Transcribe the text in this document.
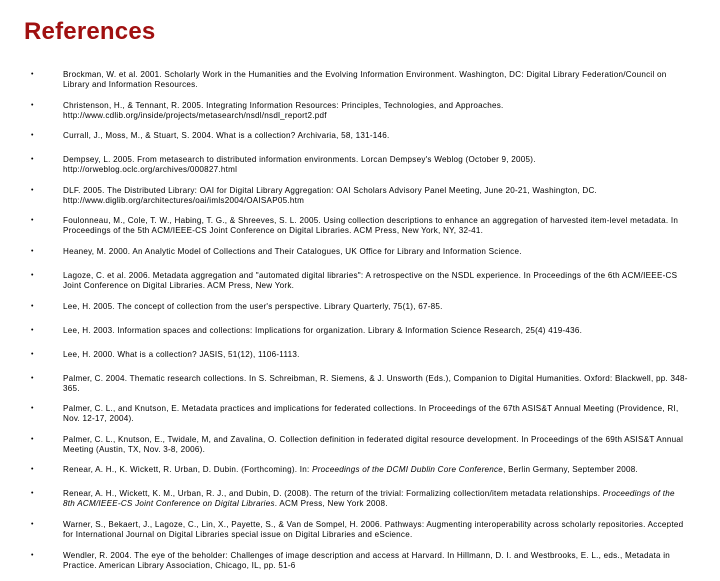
References
•	Brockman, W. et al. 2001. Scholarly Work in the Humanities and the Evolving Information Environment. Washington, DC: Digital Library Federation/Council on Library and Information Resources.
•	Christenson, H., & Tennant, R. 2005. Integrating Information Resources: Principles, Technologies, and Approaches. http://www.cdlib.org/inside/projects/metasearch/nsdl/nsdl_report2.pdf
•	Currall, J., Moss, M., & Stuart, S. 2004. What is a collection? Archivaria, 58, 131-146.
•	Dempsey, L. 2005. From metasearch to distributed information environments. Lorcan Dempsey's Weblog (October 9, 2005). http://orweblog.oclc.org/archives/000827.html
•	DLF. 2005. The Distributed Library: OAI for Digital Library Aggregation: OAI Scholars Advisory Panel Meeting, June 20-21, Washington, DC. http://www.diglib.org/architectures/oai/imls2004/OAISAP05.htm
•	Foulonneau, M., Cole, T. W., Habing, T. G., & Shreeves, S. L. 2005. Using collection descriptions to enhance an aggregation of harvested item-level metadata. In Proceedings of the 5th ACM/IEEE-CS Joint Conference on Digital Libraries. ACM Press, New York, NY, 32-41.
•	Heaney, M. 2000. An Analytic Model of Collections and Their Catalogues, UK Office for Library and Information Science.
•	Lagoze, C. et al. 2006. Metadata aggregation and "automated digital libraries": A retrospective on the NSDL experience. In Proceedings of the 6th ACM/IEEE-CS Joint Conference on Digital Libraries. ACM Press, New York.
•	Lee, H. 2005. The concept of collection from the user's perspective. Library Quarterly, 75(1), 67-85.
•	Lee, H. 2003. Information spaces and collections: Implications for organization. Library & Information Science Research, 25(4) 419-436.
•	Lee, H. 2000. What is a collection? JASIS, 51(12), 1106-1113.
•	Palmer, C. 2004. Thematic research collections. In S. Schreibman, R. Siemens, & J. Unsworth (Eds.), Companion to Digital Humanities. Oxford: Blackwell, pp. 348-365.
•	Palmer, C. L., and Knutson, E. Metadata practices and implications for federated collections. In Proceedings of the 67th ASIS&T Annual Meeting (Providence, RI, Nov. 12-17, 2004).
•	Palmer, C. L., Knutson, E., Twidale, M, and Zavalina, O. Collection definition in federated digital resource development. In Proceedings of the 69th ASIS&T Annual Meeting (Austin, TX, Nov. 3-8, 2006).
•	Renear, A. H., K. Wickett, R. Urban, D. Dubin. (Forthcoming). In: Proceedings of the DCMI Dublin Core Conference, Berlin Germany, September 2008.
•	Renear, A. H., Wickett, K. M., Urban, R. J., and Dubin, D. (2008). The return of the trivial: Formalizing collection/item metadata relationships. Proceedings of the 8th ACM/IEEE-CS Joint Conference on Digital Libraries. ACM Press, New York 2008.
•	Warner, S., Bekaert, J., Lagoze, C., Lin, X., Payette, S., & Van de Sompel, H. 2006. Pathways: Augmenting interoperability across scholarly repositories. Accepted for International Journal on Digital Libraries special issue on Digital Libraries and eScience.
•	Wendler, R. 2004. The eye of the beholder: Challenges of image description and access at Harvard. In Hillmann, D. I. and Westbrooks, E. L., eds., Metadata in Practice. American Library Association, Chicago, IL, pp. 51-6
